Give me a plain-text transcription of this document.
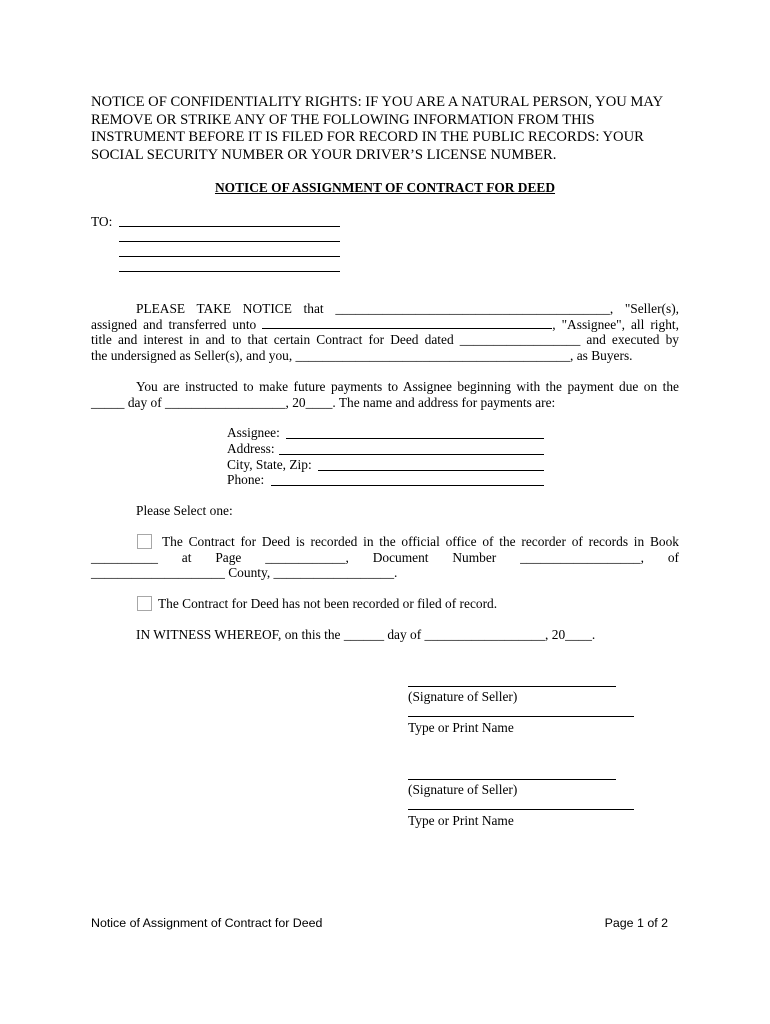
NOTICE OF CONFIDENTIALITY RIGHTS: IF YOU ARE A NATURAL PERSON, YOU MAY REMOVE OR STRIKE ANY OF THE FOLLOWING INFORMATION FROM THIS INSTRUMENT BEFORE IT IS FILED FOR RECORD IN THE PUBLIC RECORDS: YOUR SOCIAL SECURITY NUMBER OR YOUR DRIVER’S LICENSE NUMBER.
NOTICE OF ASSIGNMENT OF CONTRACT FOR DEED
TO:
PLEASE TAKE NOTICE that _________________________________________, "Seller(s),
assigned and transferred unto	, "Assignee", all right,
title and interest in and to that certain Contract for Deed dated __________________ and executed by
the undersigned as Seller(s), and you, _________________________________________, as Buyers.
You are instructed to make future payments to Assignee beginning with the payment due on the
_____ day of __________________, 20____. The name and address for payments are:
Assignee:
Address:
City, State, Zip:
Phone:
Please Select one:
The Contract for Deed is recorded in the official office of the recorder of records in Book
__________ at Page ____________, Document Number __________________, of
____________________ County, __________________.
The Contract for Deed has not been recorded or filed of record.
IN WITNESS WHEREOF, on this the ______ day of __________________, 20____.
(Signature of Seller)
Type or Print Name
(Signature of Seller)
Type or Print Name
Notice of Assignment of Contract for Deed	Page 1 of 2
